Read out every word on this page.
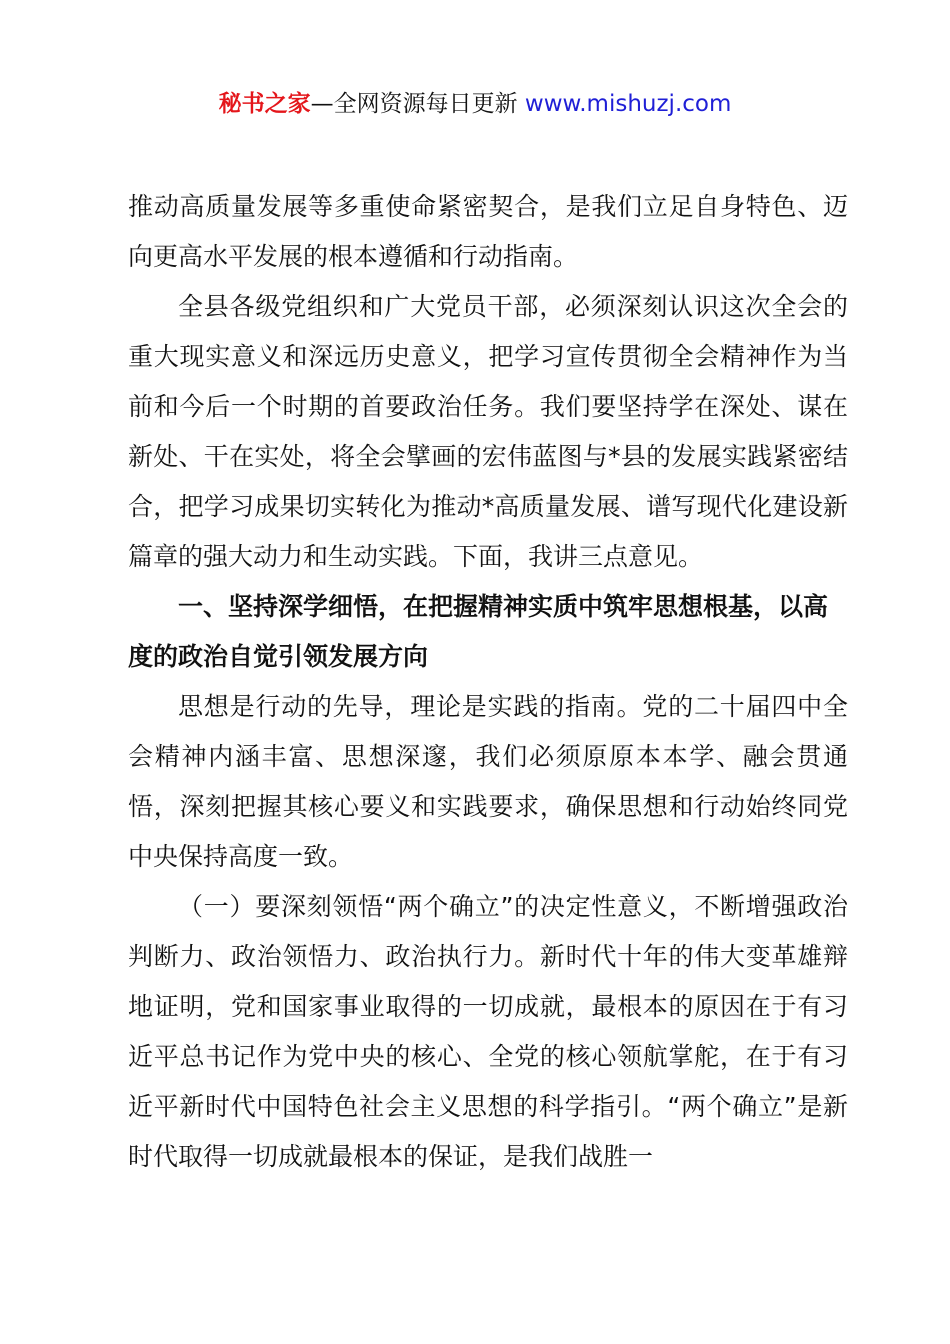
秘书之家—全网资源每日更新 www.mishuzj.com

推动高质量发展等多重使命紧密契合，是我们立足自身特色、迈向更高水平发展的根本遵循和行动指南。

全县各级党组织和广大党员干部，必须深刻认识这次全会的重大现实意义和深远历史意义，把学习宣传贯彻全会精神作为当前和今后一个时期的首要政治任务。我们要坚持学在深处、谋在新处、干在实处，将全会擘画的宏伟蓝图与*县的发展实践紧密结合，把学习成果切实转化为推动*高质量发展、谱写现代化建设新篇章的强大动力和生动实践。下面，我讲三点意见。

一、坚持深学细悟，在把握精神实质中筑牢思想根基，以高度的政治自觉引领发展方向

思想是行动的先导，理论是实践的指南。党的二十届四中全会精神内涵丰富、思想深邃，我们必须原原本本学、融会贯通悟，深刻把握其核心要义和实践要求，确保思想和行动始终同党中央保持高度一致。

（一）要深刻领悟“两个确立”的决定性意义，不断增强政治判断力、政治领悟力、政治执行力。新时代十年的伟大变革雄辩地证明，党和国家事业取得的一切成就，最根本的原因在于有习近平总书记作为党中央的核心、全党的核心领航掌舵，在于有习近平新时代中国特色社会主义思想的科学指引。“两个确立”是新时代取得一切成就最根本的保证，是我们战胜一
